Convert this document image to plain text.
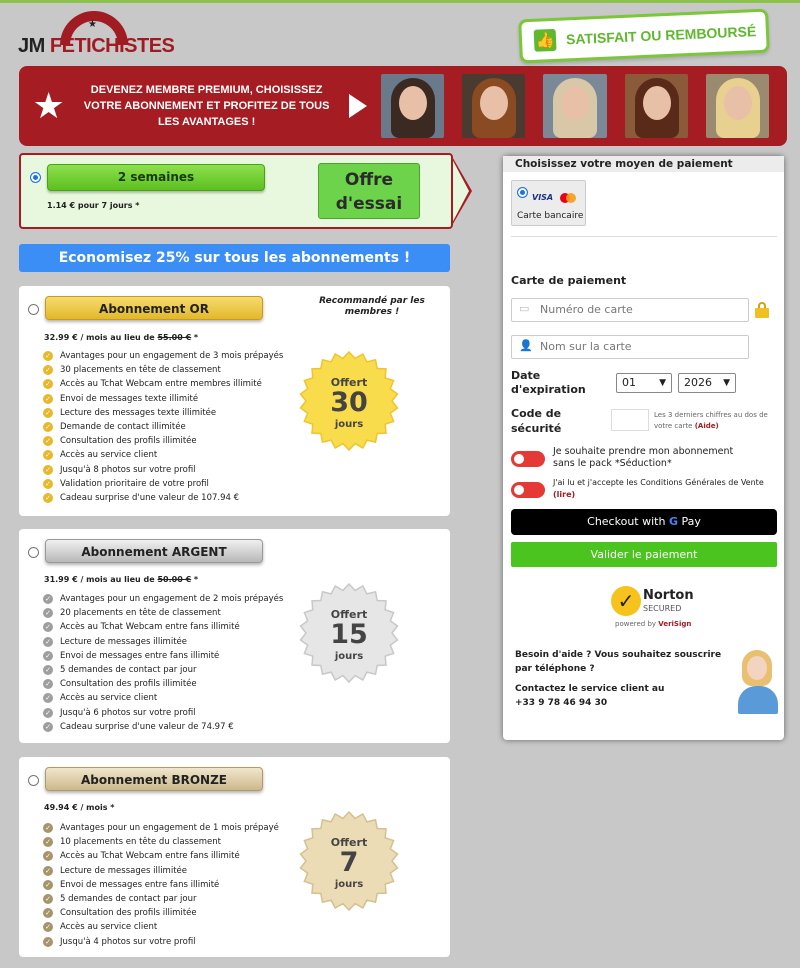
★
JM FETICHISTES	👍 SATISFAIT OU REMBOURSÉ
★	DEVENEZ MEMBRE PREMIUM, CHOISISSEZ VOTRE ABONNEMENT ET PROFITEZ DE TOUS LES AVANTAGES !
2 semaines
1.14 € pour 7 jours *
Offre
d'essai
Economisez 25% sur tous les abonnements !
Abonnement OR
Recommandé par les membres !
32.99 € / mois au lieu de 55.00 € *
✓ Avantages pour un engagement de 3 mois prépayés
✓ 30 placements en tête de classement
✓ Accès au Tchat Webcam entre membres illimité
✓ Envoi de messages texte illimité
✓ Lecture des messages texte illimitée
✓ Demande de contact illimitée
✓ Consultation des profils illimitée
✓ Accès au service client
✓ Jusqu'à 8 photos sur votre profil
✓ Validation prioritaire de votre profil
✓ Cadeau surprise d'une valeur de 107.94 €
Offert
30
jours
Abonnement ARGENT
31.99 € / mois au lieu de 50.00 € *
✓ Avantages pour un engagement de 2 mois prépayés
✓ 20 placements en tête de classement
✓ Accès au Tchat Webcam entre fans illimité
✓ Lecture de messages illimitée
✓ Envoi de messages entre fans illimité
✓ 5 demandes de contact par jour
✓ Consultation des profils illimitée
✓ Accès au service client
✓ Jusqu'à 6 photos sur votre profil
✓ Cadeau surprise d'une valeur de 74.97 €
Offert
15
jours
Abonnement BRONZE
49.94 € / mois *
✓ Avantages pour un engagement de 1 mois prépayé
✓ 10 placements en tête du classement
✓ Accès au Tchat Webcam entre fans illimité
✓ Lecture de messages illimitée
✓ Envoi de messages entre fans illimité
✓ 5 demandes de contact par jour
✓ Consultation des profils illimitée
✓ Accès au service client
✓ Jusqu'à 4 photos sur votre profil
Offert
7
jours
Choisissez votre moyen de paiement
VISA
Carte bancaire
Carte de paiement
▭ Numéro de carte
👤 Nom sur la carte
Date
d'expiration
01	▼	2026 ▼
Code de
sécurité
Les 3 derniers chiffres au dos de votre carte (Aide)
Je souhaite prendre mon abonnement sans le pack *Séduction*
J'ai lu et j'accepte les Conditions Générales de Vente (lire)
Checkout with G Pay
Valider le paiement
✓ Norton
SECURED
powered by VeriSign
Besoin d'aide ? Vous souhaitez souscrire par téléphone ?
Contactez le service client au
+33 9 78 46 94 30
